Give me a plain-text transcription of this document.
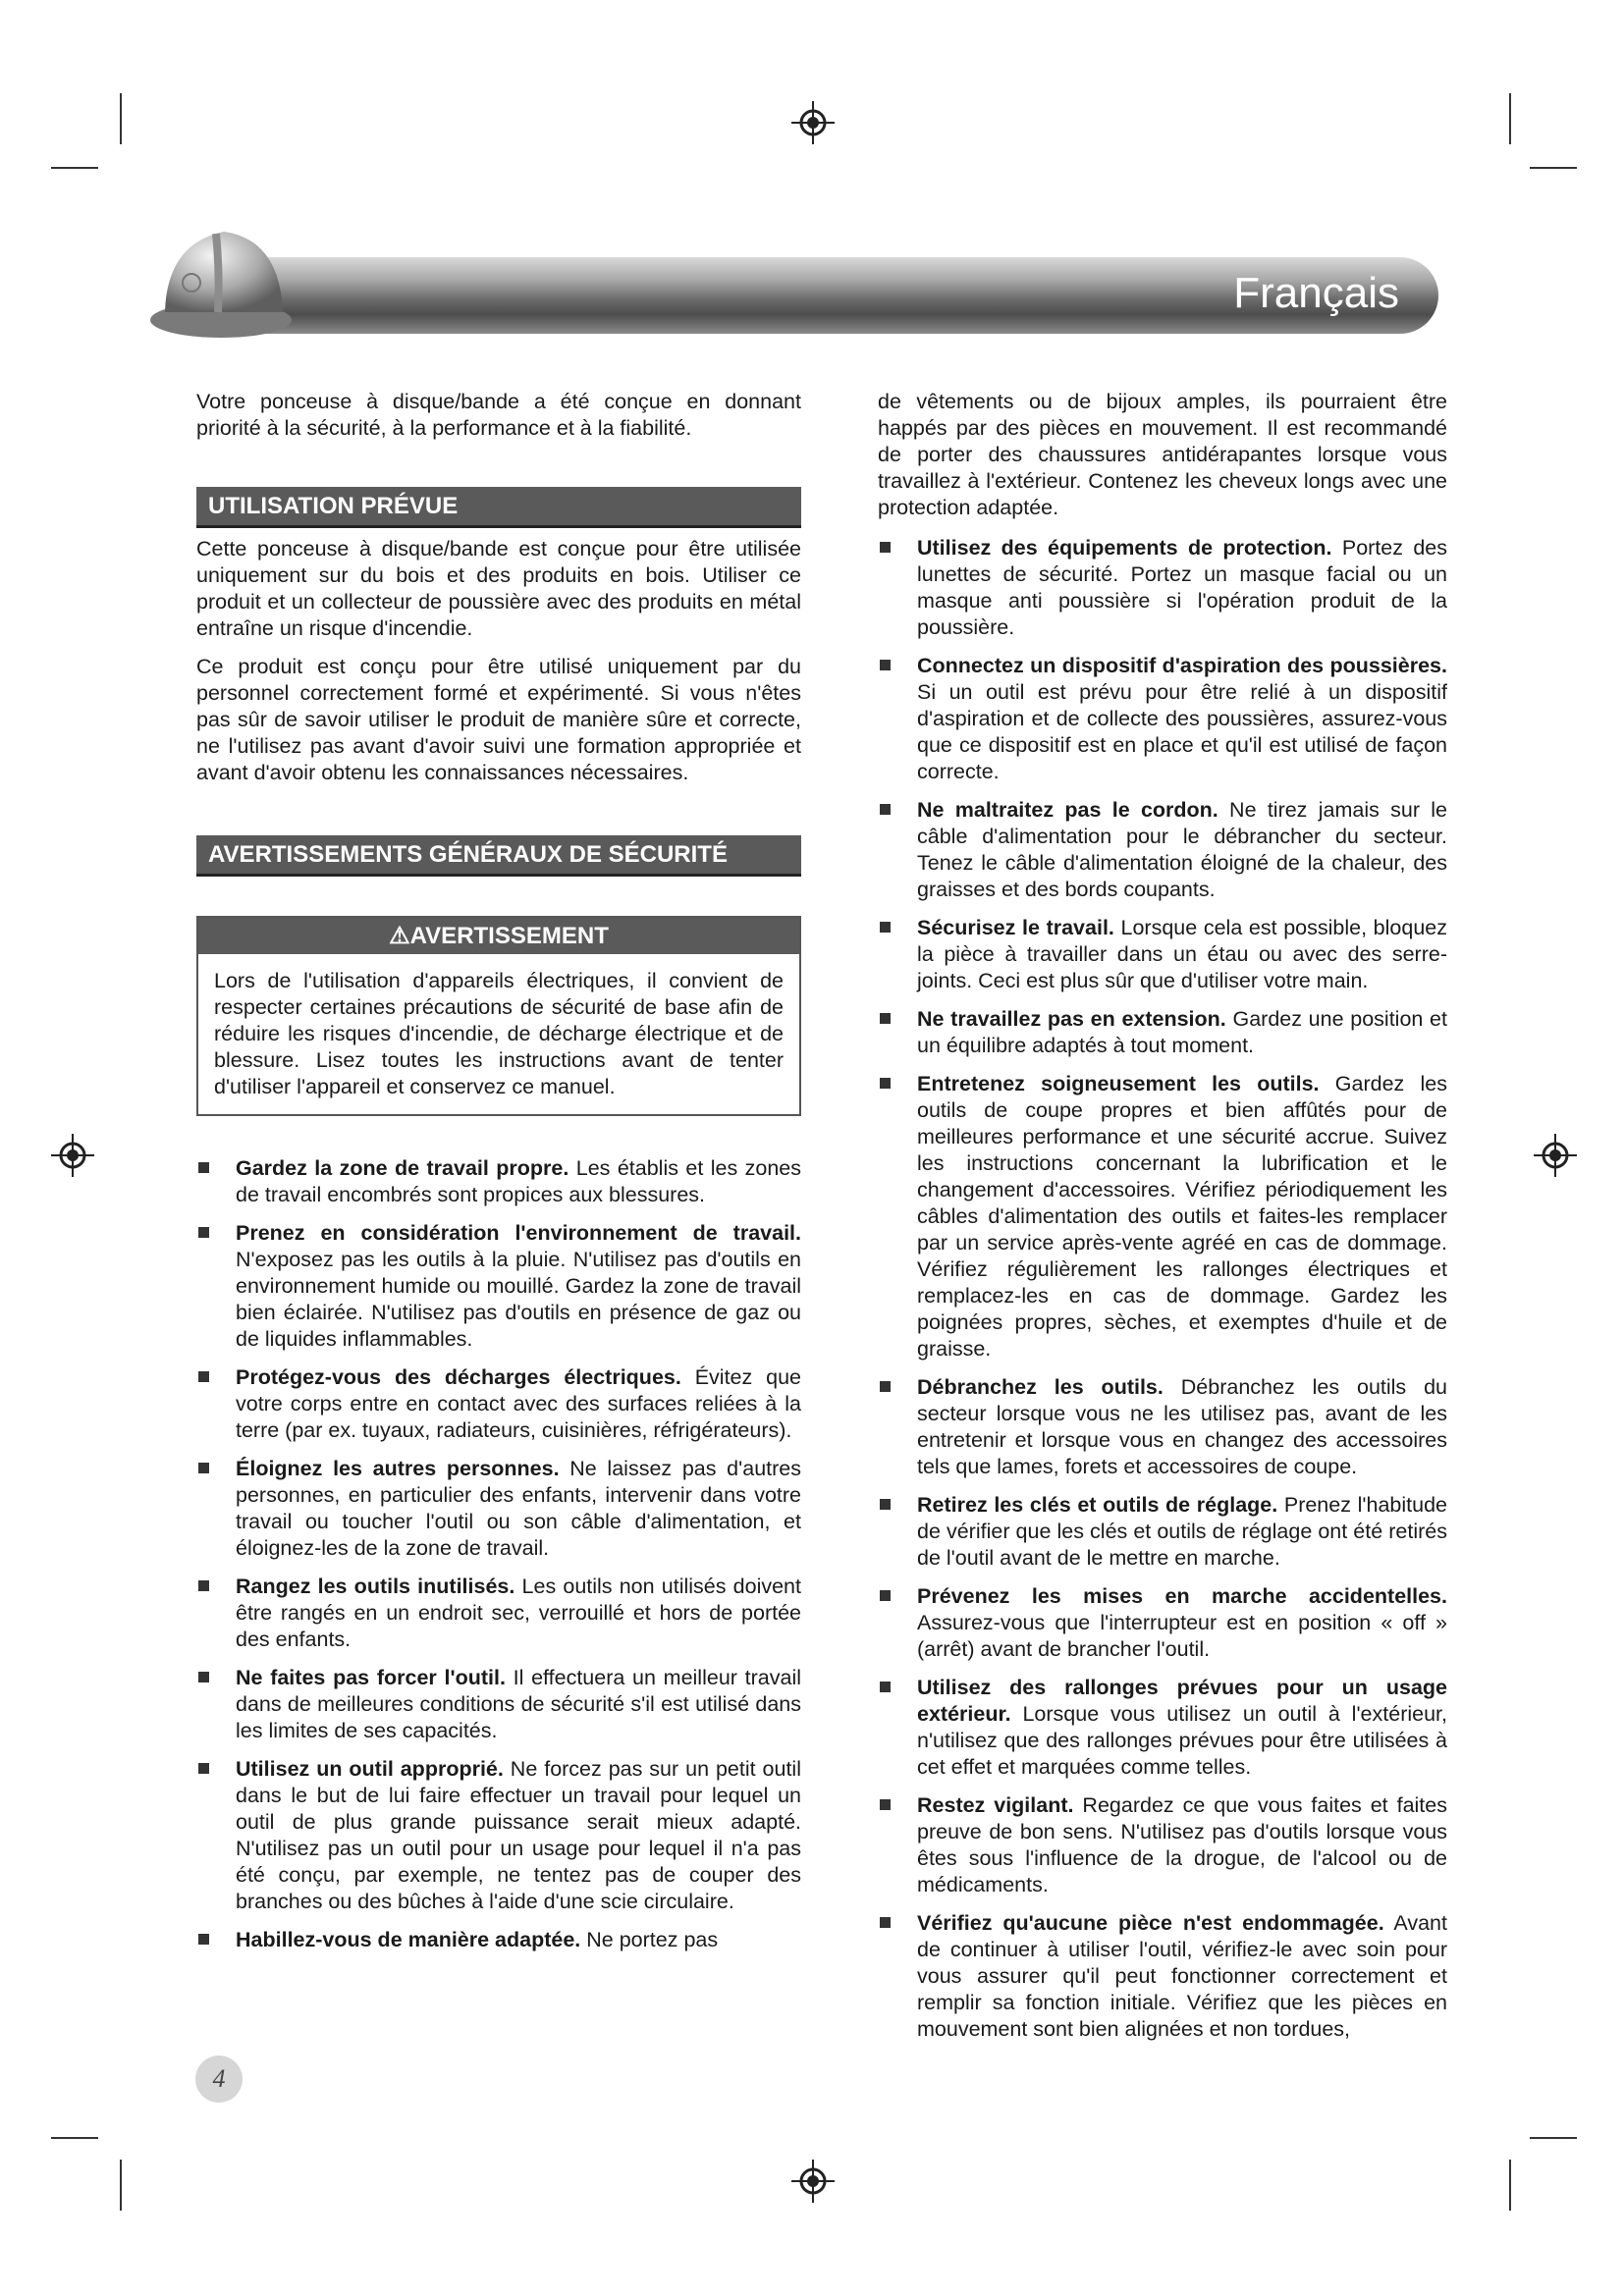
Français

Votre ponceuse à disque/bande a été conçue en donnant priorité à la sécurité, à la performance et à la fiabilité.

UTILISATION PRÉVUE

Cette ponceuse à disque/bande est conçue pour être utilisée uniquement sur du bois et des produits en bois. Utiliser ce produit et un collecteur de poussière avec des produits en métal entraîne un risque d'incendie.

Ce produit est conçu pour être utilisé uniquement par du personnel correctement formé et expérimenté. Si vous n'êtes pas sûr de savoir utiliser le produit de manière sûre et correcte, ne l'utilisez pas avant d'avoir suivi une formation appropriée et avant d'avoir obtenu les connaissances nécessaires.

AVERTISSEMENTS GÉNÉRAUX DE SÉCURITÉ
⚠AVERTISSEMENT
Lors de l'utilisation d'appareils électriques, il convient de respecter certaines précautions de sécurité de base afin de réduire les risques d'incendie, de décharge électrique et de blessure. Lisez toutes les instructions avant de tenter d'utiliser l'appareil et conservez ce manuel.
Gardez la zone de travail propre. Les établis et les zones de travail encombrés sont propices aux blessures.
Prenez en considération l'environnement de travail. N'exposez pas les outils à la pluie. N'utilisez pas d'outils en environnement humide ou mouillé. Gardez la zone de travail bien éclairée. N'utilisez pas d'outils en présence de gaz ou de liquides inflammables.
Protégez-vous des décharges électriques. Évitez que votre corps entre en contact avec des surfaces reliées à la terre (par ex. tuyaux, radiateurs, cuisinières, réfrigérateurs).
Éloignez les autres personnes. Ne laissez pas d'autres personnes, en particulier des enfants, intervenir dans votre travail ou toucher l'outil ou son câble d'alimentation, et éloignez-les de la zone de travail.
Rangez les outils inutilisés. Les outils non utilisés doivent être rangés en un endroit sec, verrouillé et hors de portée des enfants.
Ne faites pas forcer l'outil. Il effectuera un meilleur travail dans de meilleures conditions de sécurité s'il est utilisé dans les limites de ses capacités.
Utilisez un outil approprié. Ne forcez pas sur un petit outil dans le but de lui faire effectuer un travail pour lequel un outil de plus grande puissance serait mieux adapté. N'utilisez pas un outil pour un usage pour lequel il n'a pas été conçu, par exemple, ne tentez pas de couper des branches ou des bûches à l'aide d'une scie circulaire.
Habillez-vous de manière adaptée. Ne portez pas

de vêtements ou de bijoux amples, ils pourraient être happés par des pièces en mouvement. Il est recommandé de porter des chaussures antidérapantes lorsque vous travaillez à l'extérieur. Contenez les cheveux longs avec une protection adaptée.

Utilisez des équipements de protection. Portez des lunettes de sécurité. Portez un masque facial ou un masque anti poussière si l'opération produit de la poussière.
Connectez un dispositif d'aspiration des poussières. Si un outil est prévu pour être relié à un dispositif d'aspiration et de collecte des poussières, assurez-vous que ce dispositif est en place et qu'il est utilisé de façon correcte.
Ne maltraitez pas le cordon. Ne tirez jamais sur le câble d'alimentation pour le débrancher du secteur. Tenez le câble d'alimentation éloigné de la chaleur, des graisses et des bords coupants.
Sécurisez le travail. Lorsque cela est possible, bloquez la pièce à travailler dans un étau ou avec des serre-joints. Ceci est plus sûr que d'utiliser votre main.
Ne travaillez pas en extension. Gardez une position et un équilibre adaptés à tout moment.
Entretenez soigneusement les outils. Gardez les outils de coupe propres et bien affûtés pour de meilleures performance et une sécurité accrue. Suivez les instructions concernant la lubrification et le changement d'accessoires. Vérifiez périodiquement les câbles d'alimentation des outils et faites-les remplacer par un service après-vente agréé en cas de dommage. Vérifiez régulièrement les rallonges électriques et remplacez-les en cas de dommage. Gardez les poignées propres, sèches, et exemptes d'huile et de graisse.
Débranchez les outils. Débranchez les outils du secteur lorsque vous ne les utilisez pas, avant de les entretenir et lorsque vous en changez des accessoires tels que lames, forets et accessoires de coupe.
Retirez les clés et outils de réglage. Prenez l'habitude de vérifier que les clés et outils de réglage ont été retirés de l'outil avant de le mettre en marche.
Prévenez les mises en marche accidentelles. Assurez-vous que l'interrupteur est en position « off » (arrêt) avant de brancher l'outil.
Utilisez des rallonges prévues pour un usage extérieur. Lorsque vous utilisez un outil à l'extérieur, n'utilisez que des rallonges prévues pour être utilisées à cet effet et marquées comme telles.
Restez vigilant. Regardez ce que vous faites et faites preuve de bon sens. N'utilisez pas d'outils lorsque vous êtes sous l'influence de la drogue, de l'alcool ou de médicaments.
Vérifiez qu'aucune pièce n'est endommagée. Avant de continuer à utiliser l'outil, vérifiez-le avec soin pour vous assurer qu'il peut fonctionner correctement et remplir sa fonction initiale. Vérifiez que les pièces en mouvement sont bien alignées et non tordues,
4
